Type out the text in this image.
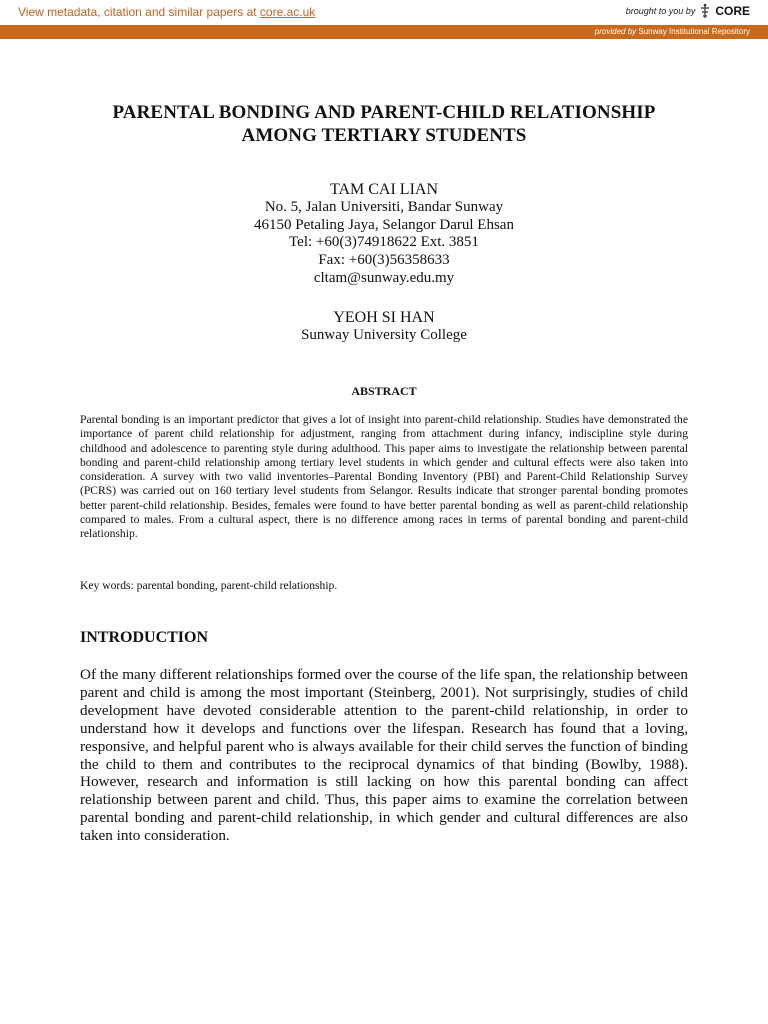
View metadata, citation and similar papers at core.ac.uk	brought to you by CORE
provided by Sunway Institutional Repository
PARENTAL BONDING AND PARENT-CHILD RELATIONSHIP
AMONG TERTIARY STUDENTS
TAM CAI LIAN
No. 5, Jalan Universiti, Bandar Sunway
46150 Petaling Jaya, Selangor Darul Ehsan
Tel: +60(3)74918622 Ext. 3851
Fax: +60(3)56358633
cltam@sunway.edu.my
YEOH SI HAN
Sunway University College
ABSTRACT
Parental bonding is an important predictor that gives a lot of insight into parent-child relationship. Studies have demonstrated the importance of parent child relationship for adjustment, ranging from attachment during infancy, indiscipline style during childhood and adolescence to parenting style during adulthood. This paper aims to investigate the relationship between parental bonding and parent-child relationship among tertiary level students in which gender and cultural effects were also taken into consideration. A survey with two valid inventories–Parental Bonding Inventory (PBI) and Parent-Child Relationship Survey (PCRS) was carried out on 160 tertiary level students from Selangor. Results indicate that stronger parental bonding promotes better parent-child relationship. Besides, females were found to have better parental bonding as well as parent-child relationship compared to males. From a cultural aspect, there is no difference among races in terms of parental bonding and parent-child relationship.
Key words: parental bonding, parent-child relationship.
INTRODUCTION
Of the many different relationships formed over the course of the life span, the relationship between parent and child is among the most important (Steinberg, 2001). Not surprisingly, studies of child development have devoted considerable attention to the parent-child relationship, in order to understand how it develops and functions over the lifespan. Research has found that a loving, responsive, and helpful parent who is always available for their child serves the function of binding the child to them and contributes to the reciprocal dynamics of that binding (Bowlby, 1988). However, research and information is still lacking on how this parental bonding can affect relationship between parent and child. Thus, this paper aims to examine the correlation between parental bonding and parent-child relationship, in which gender and cultural differences are also taken into consideration.
